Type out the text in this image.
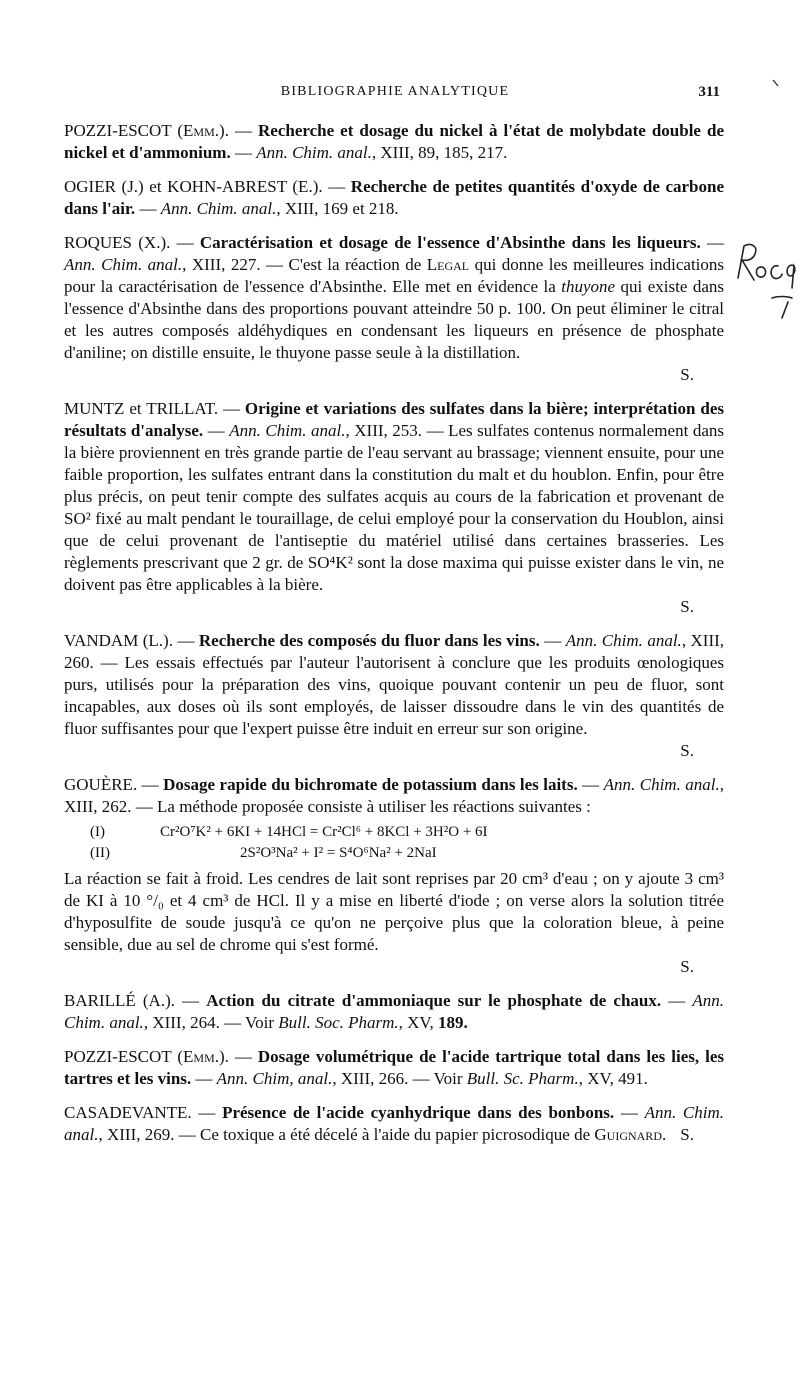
BIBLIOGRAPHIE ANALYTIQUE	311

POZZI-ESCOT (Emm.). — Recherche et dosage du nickel à l'état de molybdate double de nickel et d'ammonium. — Ann. Chim. anal., XIII, 89, 185, 217.

OGIER (J.) et KOHN-ABREST (E.). — Recherche de petites quantités d'oxyde de carbone dans l'air. — Ann. Chim. anal., XIII, 169 et 218.

ROQUES (X.). — Caractérisation et dosage de l'essence d'Absinthe dans les liqueurs. — Ann. Chim. anal., XIII, 227. — C'est la réaction de Legal qui donne les meilleures indications pour la caractérisation de l'essence d'Absinthe. Elle met en évidence la thuyone qui existe dans l'essence d'Absinthe dans des proportions pouvant atteindre 50 p. 100. On peut éliminer le citral et les autres composés aldéhydiques en condensant les liqueurs en présence de phosphate d'aniline; on distille ensuite, le thuyone passe seule à la distillation.

S.

MUNTZ et TRILLAT. — Origine et variations des sulfates dans la bière; interprétation des résultats d'analyse. — Ann. Chim. anal., XIII, 253. — Les sulfates contenus normalement dans la bière proviennent en très grande partie de l'eau servant au brassage; viennent ensuite, pour une faible proportion, les sulfates entrant dans la constitution du malt et du houblon. Enfin, pour être plus précis, on peut tenir compte des sulfates acquis au cours de la fabrication et provenant de SO² fixé au malt pendant le touraillage, de celui employé pour la conservation du Houblon, ainsi que de celui provenant de l'antiseptie du matériel utilisé dans certaines brasseries. Les règlements prescrivant que 2 gr. de SO⁴K² sont la dose maxima qui puisse exister dans le vin, ne doivent pas être applicables à la bière.

S.

VANDAM (L.). — Recherche des composés du fluor dans les vins. — Ann. Chim. anal., XIII, 260. — Les essais effectués par l'auteur l'autorisent à conclure que les produits œnologiques purs, utilisés pour la préparation des vins, quoique pouvant contenir un peu de fluor, sont incapables, aux doses où ils sont employés, de laisser dissoudre dans le vin des quantités de fluor suffisantes pour que l'expert puisse être induit en erreur sur son origine.

S.

GOUÈRE. — Dosage rapide du bichromate de potassium dans les laits. — Ann. Chim. anal., XIII, 262. — La méthode proposée consiste à utiliser les réactions suivantes :

(I)	Cr²O⁷K² + 6KI + 14HCl = Cr²Cl⁶ + 8KCl + 3H²O + 6I
(II)	2S²O³Na² + I² = S⁴O⁶Na² + 2NaI

La réaction se fait à froid. Les cendres de lait sont reprises par 20 cm³ d'eau ; on y ajoute 3 cm³ de KI à 10 °/₀ et 4 cm³ de HCl. Il y a mise en liberté d'iode ; on verse alors la solution titrée d'hyposulfite de soude jusqu'à ce qu'on ne perçoive plus que la coloration bleue, à peine sensible, due au sel de chrome qui s'est formé.

S.

BARILLÉ (A.). — Action du citrate d'ammoniaque sur le phosphate de chaux. — Ann. Chim. anal., XIII, 264. — Voir Bull. Soc. Pharm., XV, 189.

POZZI-ESCOT (Emm.). — Dosage volumétrique de l'acide tartrique total dans les lies, les tartres et les vins. — Ann. Chim, anal., XIII, 266. — Voir Bull. Sc. Pharm., XV, 491.

CASADEVANTE. — Présence de l'acide cyanhydrique dans des bonbons. — Ann. Chim. anal., XIII, 269. — Ce toxique a été décelé à l'aide du papier picrosodique de Guignard. S.
